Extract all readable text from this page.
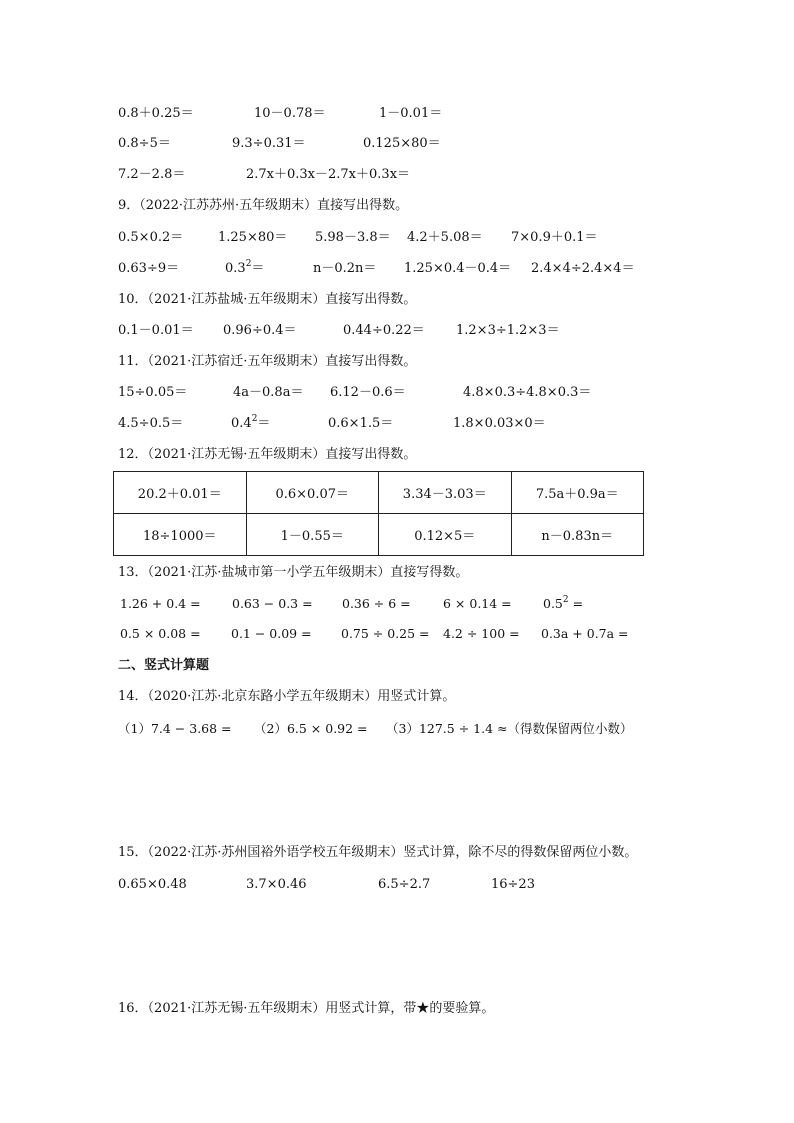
0.8＋0.25＝	10－0.78＝	1－0.01＝
0.8÷5＝	9.3÷0.31＝	0.125×80＝
7.2－2.8＝	2.7x＋0.3x－2.7x＋0.3x＝
9．（2022·江苏苏州·五年级期末）直接写出得数。
0.5×0.2＝	1.25×80＝ 5.98－3.8＝ 4.2＋5.08＝ 7×0.9＋0.1＝
0.63÷9＝	$0.3^2=$	n－0.2n＝ 1.25×0.4－0.4＝ 2.4×4÷2.4×4＝
10．（2021·江苏盐城·五年级期末）直接写出得数。
0.1－0.01＝ 0.96÷0.4＝	0.44÷0.22＝ 1.2×3÷1.2×3＝
11．（2021·江苏宿迁·五年级期末）直接写出得数。
15÷0.05＝	4a－0.8a＝ 6.12－0.6＝	4.8×0.3÷4.8×0.3＝
4.5÷0.5＝	$0.4^2=$	0.6×1.5＝	1.8×0.03×0＝
12．（2021·江苏无锡·五年级期末）直接写出得数。
20.2＋0.01＝	0.6×0.07＝	3.34－3.03＝	7.5a＋0.9a＝
18÷1000＝	1－0.55＝	0.12×5＝	n－0.83n＝
13．（2021·江苏·盐城市第一小学五年级期末）直接写得数。
1.26 + 0.4 =	0.63 − 0.3 = 0.36 ÷ 6 =	6 × 0.14 =	$0.5^2$ =
0.5 × 0.08 = 0.1 − 0.09 = 0.75 ÷ 0.25 = 4.2 ÷ 100 = 0.3a + 0.7a =
二、竖式计算题
14．（2020·江苏·北京东路小学五年级期末）用竖式计算。
（1）7.4 − 3.68 = （2）6.5 × 0.92 = （3）127.5 ÷ 1.4 ≈（得数保留两位小数）
15．（2022·江苏·苏州国裕外语学校五年级期末）竖式计算，除不尽的得数保留两位小数。
0.65×0.48	3.7×0.46	6.5÷2.7	16÷23
16．（2021·江苏无锡·五年级期末）用竖式计算，带★的要验算。
